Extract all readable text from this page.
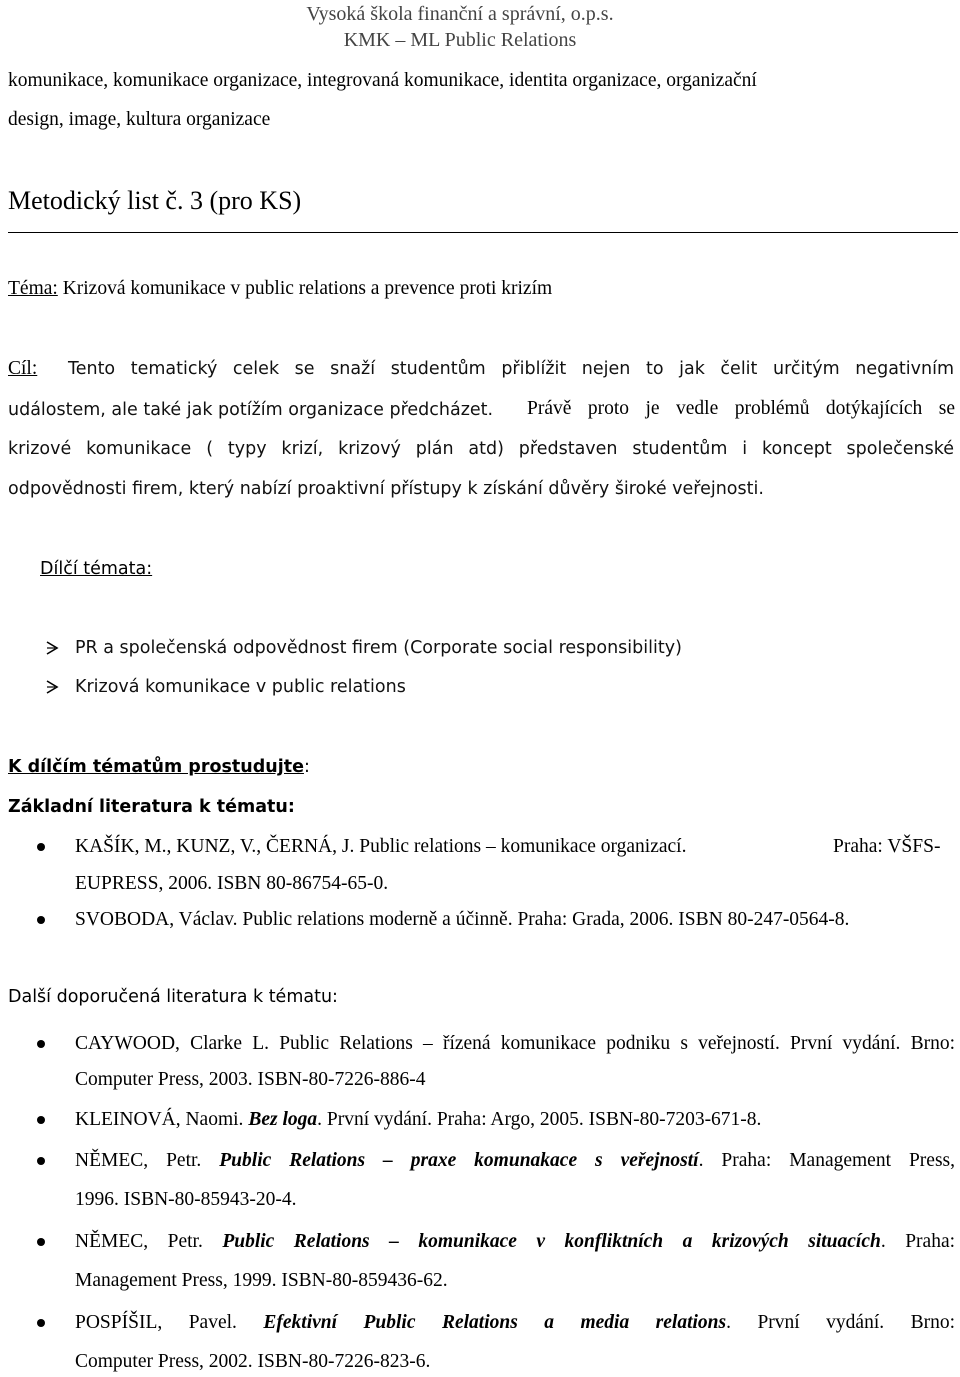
Vysoká škola finanční a správní, o.p.s.
KMK – ML Public Relations
komunikace, komunikace organizace, integrovaná komunikace, identita organizace, organizační
design, image, kultura organizace
Metodický list č. 3 (pro KS)
Téma: Krizová komunikace v public relations a prevence proti krizím
Cíl: Tento tematický celek se snaží studentům přiblížit nejen to jak čelit určitým negativním
událostem, ale také jak potížím organizace předcházet. Právě proto je vedle problémů dotýkajících se
krizové komunikace ( typy krizí, krizový plán atd) představen studentům i koncept společenské
odpovědnosti firem, který nabízí proaktivní přístupy k získání důvěry široké veřejnosti.
Dílčí témata:
PR a společenská odpovědnost firem (Corporate social responsibility)
Krizová komunikace v public relations
K dílčím tématům prostudujte:
Základní literatura k tématu:
KAŠÍK, M., KUNZ, V., ČERNÁ, J. Public relations – komunikace organizací.	Praha: VŠFS-
EUPRESS, 2006. ISBN 80-86754-65-0.
SVOBODA, Václav. Public relations moderně a účinně. Praha: Grada, 2006. ISBN 80-247-0564-8.
Další doporučená literatura k tématu:
CAYWOOD, Clarke L. Public Relations – řízená komunikace podniku s veřejností. První vydání. Brno:
Computer Press, 2003. ISBN-80-7226-886-4
KLEINOVÁ, Naomi. Bez loga. První vydání. Praha: Argo, 2005. ISBN-80-7203-671-8.
NĚMEC, Petr. Public Relations – praxe komunakace s veřejností. Praha: Management Press,
1996. ISBN-80-85943-20-4.
NĚMEC, Petr. Public Relations – komunikace v konfliktních a krizových situacích. Praha:
Management Press, 1999. ISBN-80-859436-62.
POSPÍŠIL, Pavel. Efektivní Public Relations a media relations. První vydání. Brno:
Computer Press, 2002. ISBN-80-7226-823-6.
